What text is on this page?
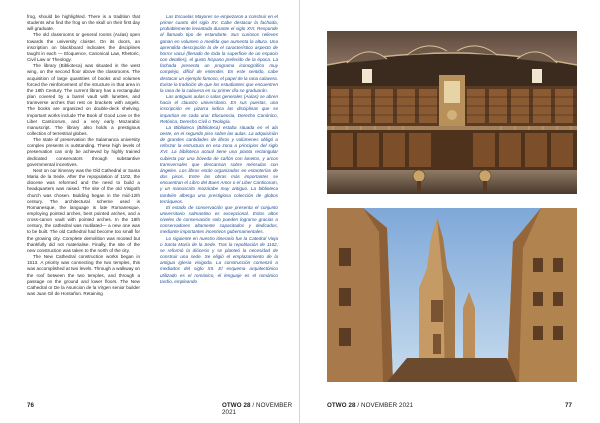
frog, should be highlighted. There is a tradition that students who find the frog on the skull on their first day will graduate.

The old classrooms or general rooms (Aulas) open towards the university cloister. On its doors, an inscription on blackboard indicates the disciplines taught in each — Eloquence, Canonical Law, Rhetoric, Civil Law or Theology.

The library (Biblioteca) was situated in the west wing, on the second floor above the classrooms. The acquisition of large quantities of books and volumes forced the reinforcement of the structure in that area in the 18th Century. The current library has a rectangular plan covered by a barrel vault with lunettes, and transverse arches that rest on brackets with angels. The books are organized on double-deck shelving. Important works include The Book of Good Love or the Liber Canticorum, and a very early Mozarabic manuscript. The library also holds a prestigious collection of terrestrial globes.

The state of preservation the Salamanca university complex presents is outstanding. These high levels of preservation can only be achieved by highly trained dedicated conservators through substantive governmental incentives.

Next on our itinerary was the Old Cathedral or Santa Maria de la Sede. After the repopulation of 1102, the diocese was reformed and the need to build a headquarters was raised. The site of the old Visigoth church was chosen. Building began in the mid-12th century. The architectural scheme used is Romanesque, the language is late Romanesque, employing pointed arches, bent pointed arches, and a cross-canon vault with pointed arches. In the 18th century, the cathedral was mutilated— a new one was to be built. The old Cathedral had become too small for the growing city. Complete demolition was mooted but thankfully did not materialise. Finally, the site of the new construction was taken to the north of the city.

The New Cathedral construction works began in 1513. A priority was connecting the two temples, this was accomplished at two levels. Through a walkway on the roof between the two temples, and through a passage on the ground and lower floors. The New Cathedral or De la Asuncion de la Virgen senior builder was Juan Gil de Hontañon. Retaining

Las Escuelas Mayores se empezaron a construir en el primer cuarto del siglo XV. Cabe destacar la fachada, probablemente levantada durante el siglo XVI. Responde al llamado tipo de estandarte. Sus curiosos relieves ganan en volumen a medida que aumenta la altura. Una aprendida descripción la de el característico aspecto de horror vacui (llenado de toda la superficie de un espacio con detalles), el gusto hispano preferido de la época. La fachada presenta un programa iconográfico muy complejo, difícil de entender. En este sentido, cabe destacar un ejemplo famoso, el papel de la rana calavera. Existe la tradición de que los estudiantes que encuentren la rana de la calavera en su primer día se graduarán.

Las antiguas aulas o salas generales (Aulas) se abren hacia el claustro universitario. En sus puertas, una inscripción en pizarra indica las disciplinas que se impartían en cada una: Elocuencia, Derecho Canónico, Retórica, Derecho Civil o Teología.

La Biblioteca (Biblioteca) estaba situada en el ala oeste, en el segundo piso sobre las aulas. La adquisición de grandes cantidades de libros y volúmenes obligó a reforzar la estructura en esa zona a principios del siglo XVI. La biblioteca actual tiene una planta rectangular cubierta por una bóveda de cañón con lunetos, y arcos transversales que descansan sobre ménsulas con ángeles. Los libros están organizados en estanterías de dos pisos. Entre las obras más importantes se encuentran el Libro del Buen Amor o el Liber Canticorum, y un manuscrito mozárabe muy antiguo. La biblioteca también alberga una prestigiosa colección de globos terráqueos.

El estado de conservación que presenta el conjunto universitario salmantino es excepcional. Estos altos niveles de conservación solo pueden lograrse gracias a conservadores altamente capacitados y dedicados, mediante importantes incentivos gubernamentales.

Lo siguiente en nuestro itinerario fue la Catedral Vieja o Santa María de la Sede. Tras la repoblación de 1102, se reformó la diócesis y se planteó la necesidad de construir una sede. Se eligió el emplazamiento de la antigua iglesia visigoda. La construcción comenzó a mediados del siglo XII. El esquema arquitectónico utilizado es el románico, el lenguaje es el románico tardío, empleando

76	OTWO 28 / NOVEMBER 2021
OTWO 28 / NOVEMBER 2021	77
